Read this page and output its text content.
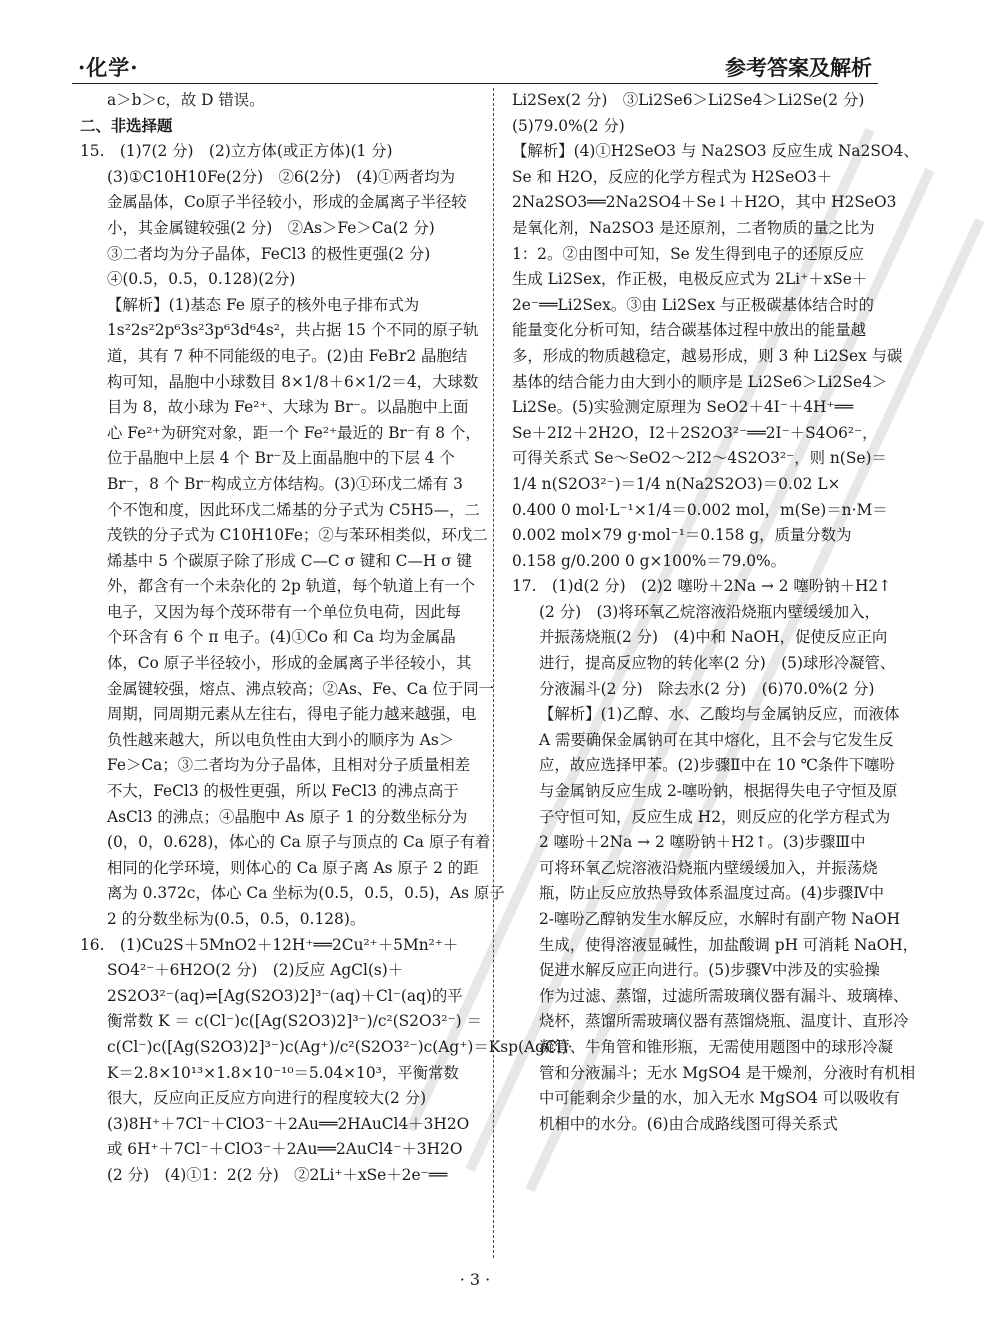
·化学·	参考答案及解析
a＞b＞c，故 D 错误。
二、非选择题
15.　(1)7(2 分)　(2)立方体(或正方体)(1 分)
(3)①C10H10Fe(2分)　②6(2分)　(4)①两者均为
金属晶体，Co原子半径较小，形成的金属离子半径较
小，其金属键较强(2 分)　②As＞Fe＞Ca(2 分)
③二者均为分子晶体，FeCl3 的极性更强(2 分)
④(0.5，0.5，0.128)(2分)
【解析】(1)基态 Fe 原子的核外电子排布式为
1s²2s²2p⁶3s²3p⁶3d⁶4s²，共占据 15 个不同的原子轨
道，其有 7 种不同能级的电子。(2)由 FeBr2 晶胞结
构可知，晶胞中小球数目 8×1/8＋6×1/2＝4，大球数
目为 8，故小球为 Fe²⁺、大球为 Br⁻。以晶胞中上面
心 Fe²⁺为研究对象，距一个 Fe²⁺最近的 Br⁻有 8 个，
位于晶胞中上层 4 个 Br⁻及上面晶胞中的下层 4 个
Br⁻，8 个 Br⁻构成立方体结构。(3)①环戊二烯有 3
个不饱和度，因此环戊二烯基的分子式为 C5H5—，二
茂铁的分子式为 C10H10Fe；②与苯环相类似，环戊二
烯基中 5 个碳原子除了形成 C—C σ 键和 C—H σ 键
外，都含有一个未杂化的 2p 轨道，每个轨道上有一个
电子，又因为每个茂环带有一个单位负电荷，因此每
个环含有 6 个 π 电子。(4)①Co 和 Ca 均为金属晶
体，Co 原子半径较小，形成的金属离子半径较小，其
金属键较强，熔点、沸点较高；②As、Fe、Ca 位于同一
周期，同周期元素从左往右，得电子能力越来越强，电
负性越来越大，所以电负性由大到小的顺序为 As＞
Fe＞Ca；③二者均为分子晶体，且相对分子质量相差
不大，FeCl3 的极性更强，所以 FeCl3 的沸点高于
AsCl3 的沸点；④晶胞中 As 原子 1 的分数坐标分为
(0，0，0.628)，体心的 Ca 原子与顶点的 Ca 原子有着
相同的化学环境，则体心的 Ca 原子离 As 原子 2 的距
离为 0.372c，体心 Ca 坐标为(0.5，0.5，0.5)，As 原子
2 的分数坐标为(0.5，0.5，0.128)。
16.　(1)Cu2S＋5MnO2＋12H⁺══2Cu²⁺＋5Mn²⁺＋
SO4²⁻＋6H2O(2 分)　(2)反应 AgCl(s)＋
2S2O3²⁻(aq)⇌[Ag(S2O3)2]³⁻(aq)＋Cl⁻(aq)的平
衡常数 K ＝ c(Cl⁻)c([Ag(S2O3)2]³⁻)/c²(S2O3²⁻) ＝
c(Cl⁻)c([Ag(S2O3)2]³⁻)c(Ag⁺)/c²(S2O3²⁻)c(Ag⁺)＝Ksp(AgCl)·
K＝2.8×10¹³×1.8×10⁻¹⁰＝5.04×10³，平衡常数
很大，反应向正反应方向进行的程度较大(2 分)
(3)8H⁺＋7Cl⁻＋ClO3⁻＋2Au══2HAuCl4＋3H2O
或 6H⁺＋7Cl⁻＋ClO3⁻＋2Au══2AuCl4⁻＋3H2O
(2 分)　(4)①1：2(2 分)　②2Li⁺＋xSe＋2e⁻══
Li2Sex(2 分)　③Li2Se6＞Li2Se4＞Li2Se(2 分)
(5)79.0%(2 分)
【解析】(4)①H2SeO3 与 Na2SO3 反应生成 Na2SO4、
Se 和 H2O，反应的化学方程式为 H2SeO3＋
2Na2SO3══2Na2SO4＋Se↓＋H2O，其中 H2SeO3
是氧化剂，Na2SO3 是还原剂，二者物质的量之比为
1：2。②由图中可知，Se 发生得到电子的还原反应
生成 Li2Sex，作正极，电极反应式为 2Li⁺＋xSe＋
2e⁻══Li2Sex。③由 Li2Sex 与正极碳基体结合时的
能量变化分析可知，结合碳基体过程中放出的能量越
多，形成的物质越稳定，越易形成，则 3 种 Li2Sex 与碳
基体的结合能力由大到小的顺序是 Li2Se6＞Li2Se4＞
Li2Se。(5)实验测定原理为 SeO2＋4I⁻＋4H⁺══
Se＋2I2＋2H2O，I2＋2S2O3²⁻══2I⁻＋S4O6²⁻，
可得关系式 Se～SeO2～2I2～4S2O3²⁻，则 n(Se)＝
1/4 n(S2O3²⁻)＝1/4 n(Na2S2O3)＝0.02 L×
0.400 0 mol·L⁻¹×1/4＝0.002 mol，m(Se)＝n·M＝
0.002 mol×79 g·mol⁻¹＝0.158 g，质量分数为
0.158 g/0.200 0 g×100%＝79.0%。
17.　(1)d(2 分)　(2)2 噻吩＋2Na → 2 噻吩钠＋H2↑
(2 分)　(3)将环氧乙烷溶液沿烧瓶内壁缓缓加入，
并振荡烧瓶(2 分)　(4)中和 NaOH，促使反应正向
进行，提高反应物的转化率(2 分)　(5)球形冷凝管、
分液漏斗(2 分)　除去水(2 分)　(6)70.0%(2 分)
【解析】(1)乙醇、水、乙酸均与金属钠反应，而液体
A 需要确保金属钠可在其中熔化，且不会与它发生反
应，故应选择甲苯。(2)步骤Ⅱ中在 10 ℃条件下噻吩
与金属钠反应生成 2-噻吩钠，根据得失电子守恒及原
子守恒可知，反应生成 H2，则反应的化学方程式为
2 噻吩＋2Na → 2 噻吩钠＋H2↑。(3)步骤Ⅲ中
可将环氧乙烷溶液沿烧瓶内壁缓缓加入，并振荡烧
瓶，防止反应放热导致体系温度过高。(4)步骤Ⅳ中
2-噻吩乙醇钠发生水解反应，水解时有副产物 NaOH
生成，使得溶液显碱性，加盐酸调 pH 可消耗 NaOH，
促进水解反应正向进行。(5)步骤Ⅴ中涉及的实验操
作为过滤、蒸馏，过滤所需玻璃仪器有漏斗、玻璃棒、
烧杯，蒸馏所需玻璃仪器有蒸馏烧瓶、温度计、直形冷
凝管、牛角管和锥形瓶，无需使用题图中的球形冷凝
管和分液漏斗；无水 MgSO4 是干燥剂，分液时有机相
中可能剩余少量的水，加入无水 MgSO4 可以吸收有
机相中的水分。(6)由合成路线图可得关系式
· 3 ·
